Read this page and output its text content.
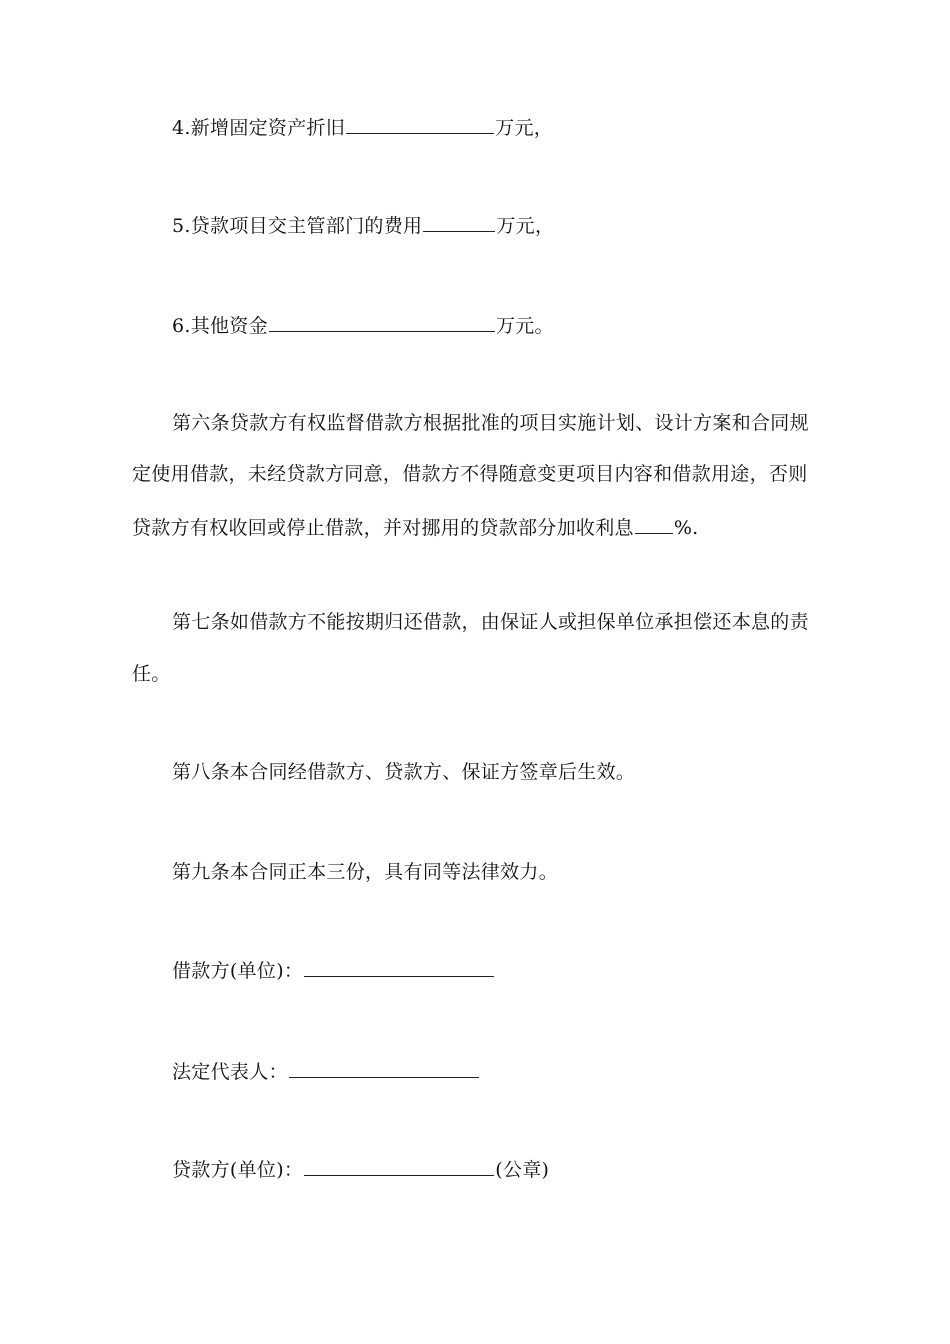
4.新增固定资产折旧	万元，
5.贷款项目交主管部门的费用	万元，
6.其他资金	万元。
第六条贷款方有权监督借款方根据批准的项目实施计划、设计方案和合同规
定使用借款，未经贷款方同意，借款方不得随意变更项目内容和借款用途，否则
贷款方有权收回或停止借款，并对挪用的贷款部分加收利息 %.
第七条如借款方不能按期归还借款，由保证人或担保单位承担偿还本息的责
任。
第八条本合同经借款方、贷款方、保证方签章后生效。
第九条本合同正本三份，具有同等法律效力。
借款方(单位)：
法定代表人：
贷款方(单位)：	(公章)
